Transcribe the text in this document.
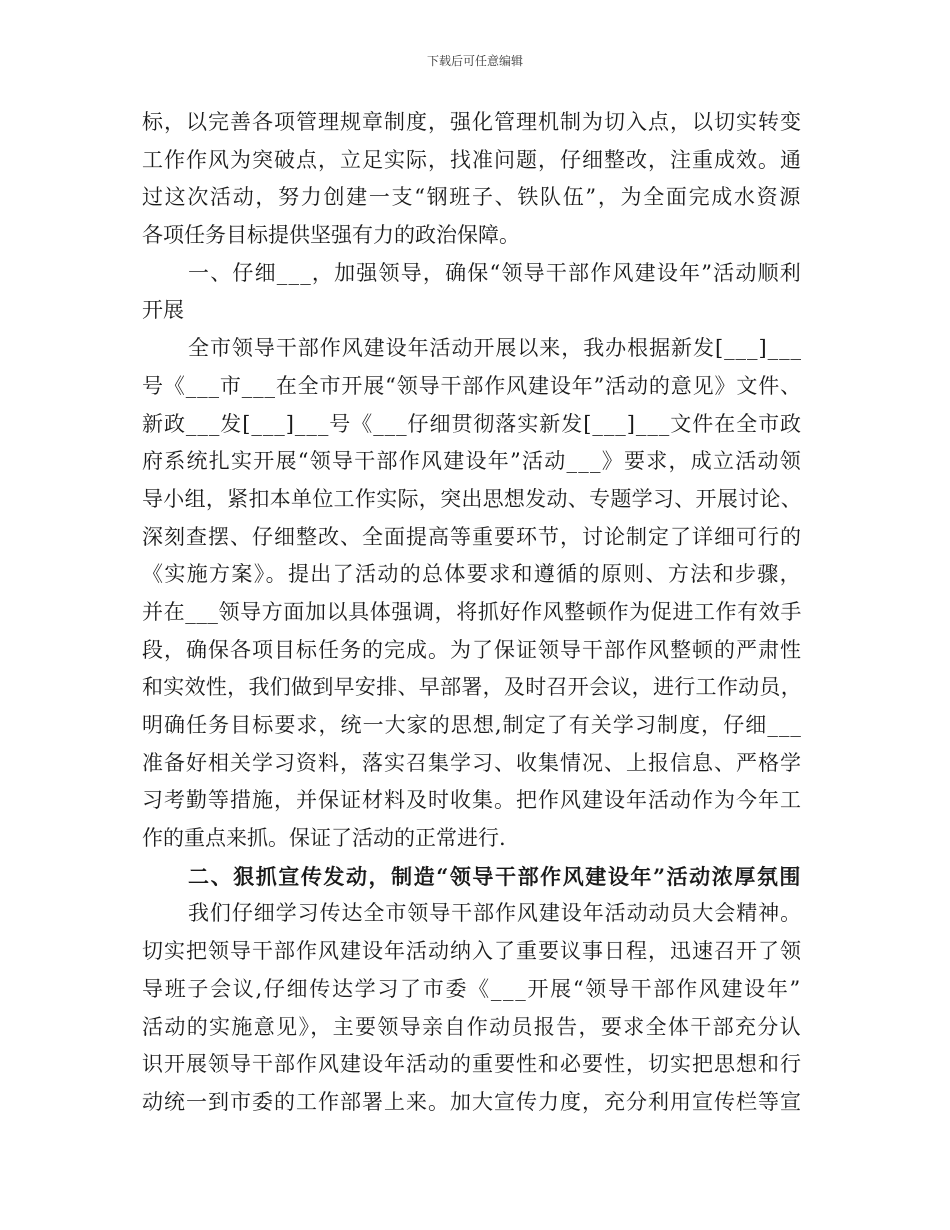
下载后可任意编辑
标，以完善各项管理规章制度，强化管理机制为切入点，以切实转变
工作作风为突破点，立足实际，找准问题，仔细整改，注重成效。通
过这次活动，努力创建一支“钢班子、铁队伍”，为全面完成水资源
各项任务目标提供坚强有力的政治保障。
一、仔细___，加强领导，确保“领导干部作风建设年”活动顺利
开展
全市领导干部作风建设年活动开展以来，我办根据新发[___]___
号《___市___在全市开展“领导干部作风建设年”活动的意见》文件、
新政___发[___]___号《___仔细贯彻落实新发[___]___文件在全市政
府系统扎实开展“领导干部作风建设年”活动___》要求，成立活动领
导小组，紧扣本单位工作实际，突出思想发动、专题学习、开展讨论、
深刻查摆、仔细整改、全面提高等重要环节，讨论制定了详细可行的
《实施方案》。提出了活动的总体要求和遵循的原则、方法和步骤，
并在___领导方面加以具体强调，将抓好作风整顿作为促进工作有效手
段，确保各项目标任务的完成。为了保证领导干部作风整顿的严肃性
和实效性，我们做到早安排、早部署，及时召开会议，进行工作动员，
明确任务目标要求，统一大家的思想,制定了有关学习制度，仔细___
准备好相关学习资料，落实召集学习、收集情况、上报信息、严格学
习考勤等措施，并保证材料及时收集。把作风建设年活动作为今年工
作的重点来抓。保证了活动的正常进行.
二、狠抓宣传发动，制造“领导干部作风建设年”活动浓厚氛围
我们仔细学习传达全市领导干部作风建设年活动动员大会精神。
切实把领导干部作风建设年活动纳入了重要议事日程，迅速召开了领
导班子会议,仔细传达学习了市委《___开展“领导干部作风建设年”
活动的实施意见》，主要领导亲自作动员报告，要求全体干部充分认
识开展领导干部作风建设年活动的重要性和必要性，切实把思想和行
动统一到市委的工作部署上来。加大宣传力度，充分利用宣传栏等宣
